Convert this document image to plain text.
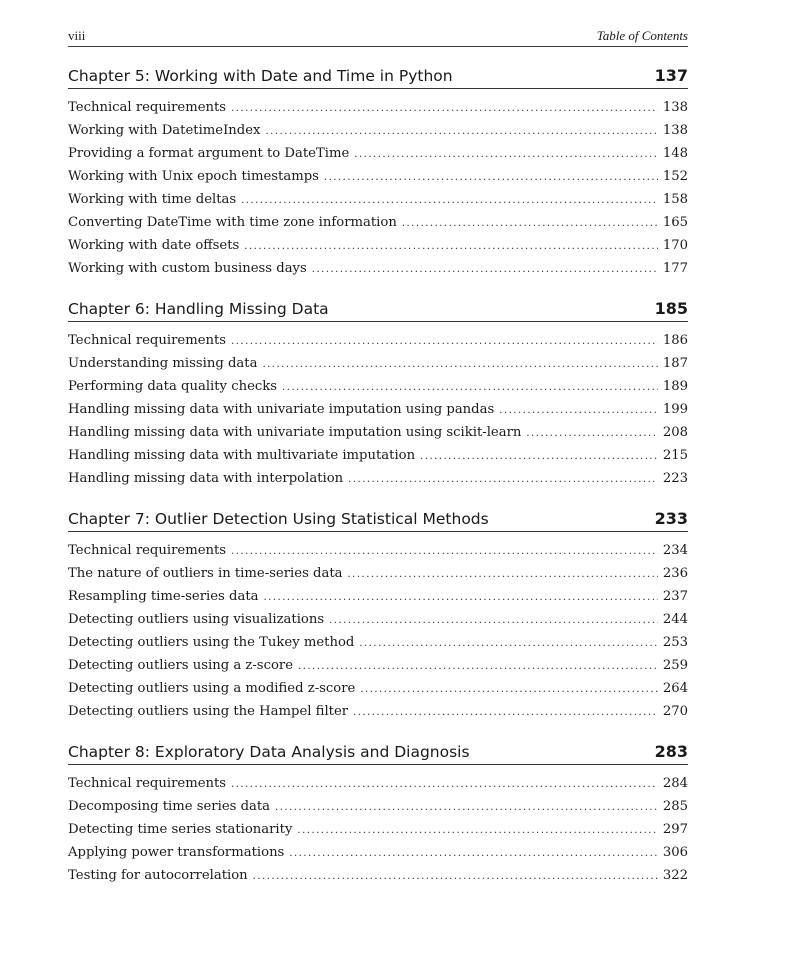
viii	Table of Contents
Chapter 5: Working with Date and Time in Python	137
Technical requirements .....	138
Working with DatetimeIndex .....	138
Providing a format argument to DateTime .....	148
Working with Unix epoch timestamps .....	152
Working with time deltas .....	158
Converting DateTime with time zone information .....	165
Working with date offsets .....	170
Working with custom business days .....	177
Chapter 6: Handling Missing Data	185
Technical requirements .....	186
Understanding missing data .....	187
Performing data quality checks .....	189
Handling missing data with univariate imputation using pandas .....	199
Handling missing data with univariate imputation using scikit-learn .....	208
Handling missing data with multivariate imputation .....	215
Handling missing data with interpolation .....	223
Chapter 7: Outlier Detection Using Statistical Methods	233
Technical requirements .....	234
The nature of outliers in time-series data .....	236
Resampling time-series data .....	237
Detecting outliers using visualizations .....	244
Detecting outliers using the Tukey method .....	253
Detecting outliers using a z-score .....	259
Detecting outliers using a modified z-score .....	264
Detecting outliers using the Hampel filter .....	270
Chapter 8: Exploratory Data Analysis and Diagnosis	283
Technical requirements .....	284
Decomposing time series data .....	285
Detecting time series stationarity .....	297
Applying power transformations .....	306
Testing for autocorrelation .....	322
